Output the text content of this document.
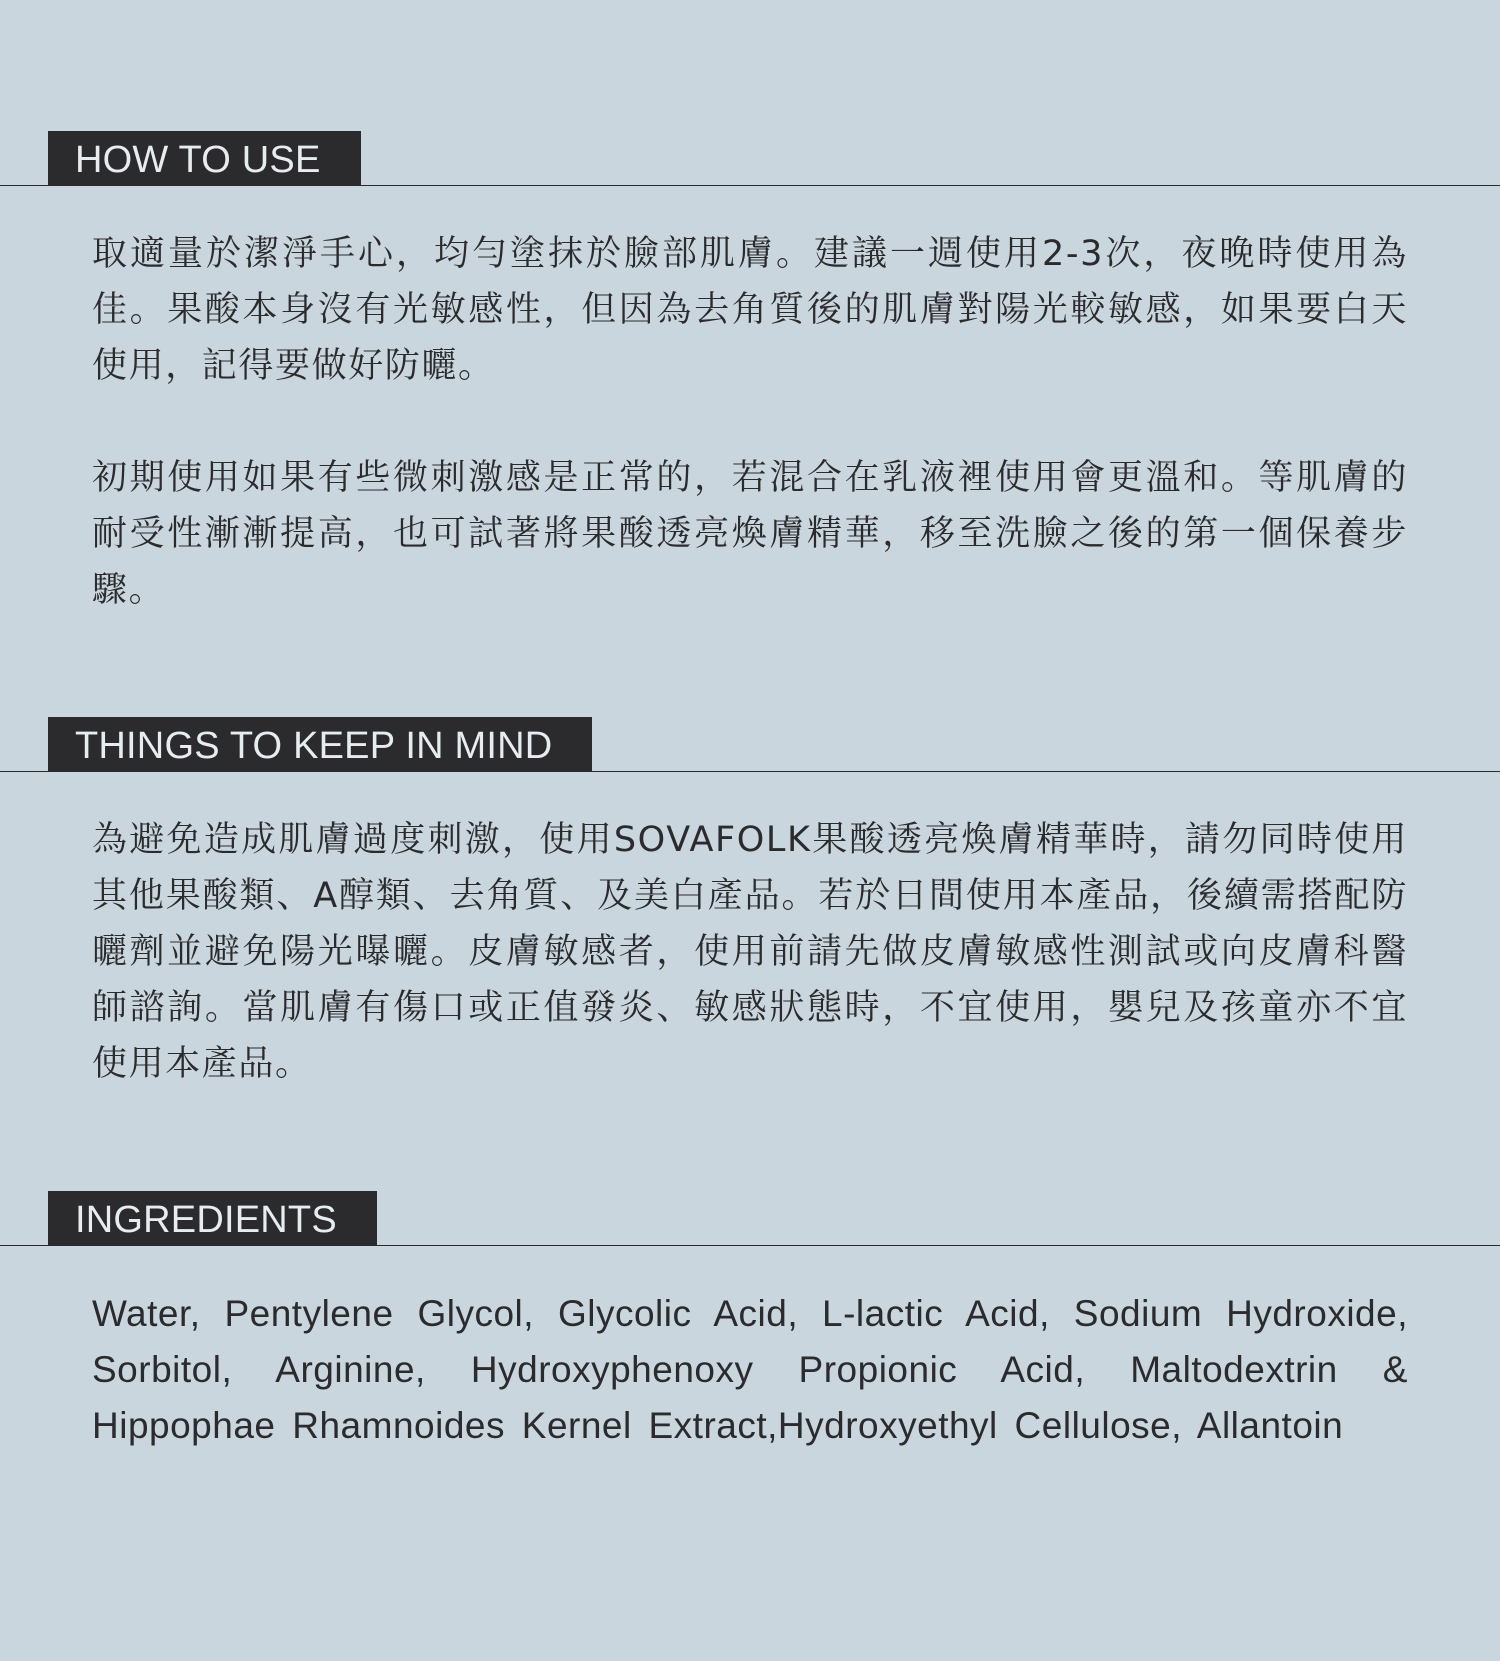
HOW TO USE

取適量於潔淨手心，均勻塗抹於臉部肌膚。建議一週使用2-3次，夜晚時使用為佳。果酸本身沒有光敏感性，但因為去角質後的肌膚對陽光較敏感，如果要白天使用，記得要做好防曬。

初期使用如果有些微刺激感是正常的，若混合在乳液裡使用會更溫和。等肌膚的耐受性漸漸提高，也可試著將果酸透亮煥膚精華，移至洗臉之後的第一個保養步驟。

THINGS TO KEEP IN MIND

為避免造成肌膚過度刺激，使用SOVAFOLK果酸透亮煥膚精華時，請勿同時使用其他果酸類、A醇類、去角質、及美白產品。若於日間使用本產品，後續需搭配防曬劑並避免陽光曝曬。皮膚敏感者，使用前請先做皮膚敏感性測試或向皮膚科醫師諮詢。當肌膚有傷口或正值發炎、敏感狀態時，不宜使用，嬰兒及孩童亦不宜使用本產品。

INGREDIENTS

Water, Pentylene Glycol, Glycolic Acid, L-lactic Acid, Sodium Hydroxide, Sorbitol, Arginine, Hydroxyphenoxy Propionic Acid, Maltodextrin & Hippophae Rhamnoides Kernel Extract,Hydroxyethyl Cellulose, Allantoin
